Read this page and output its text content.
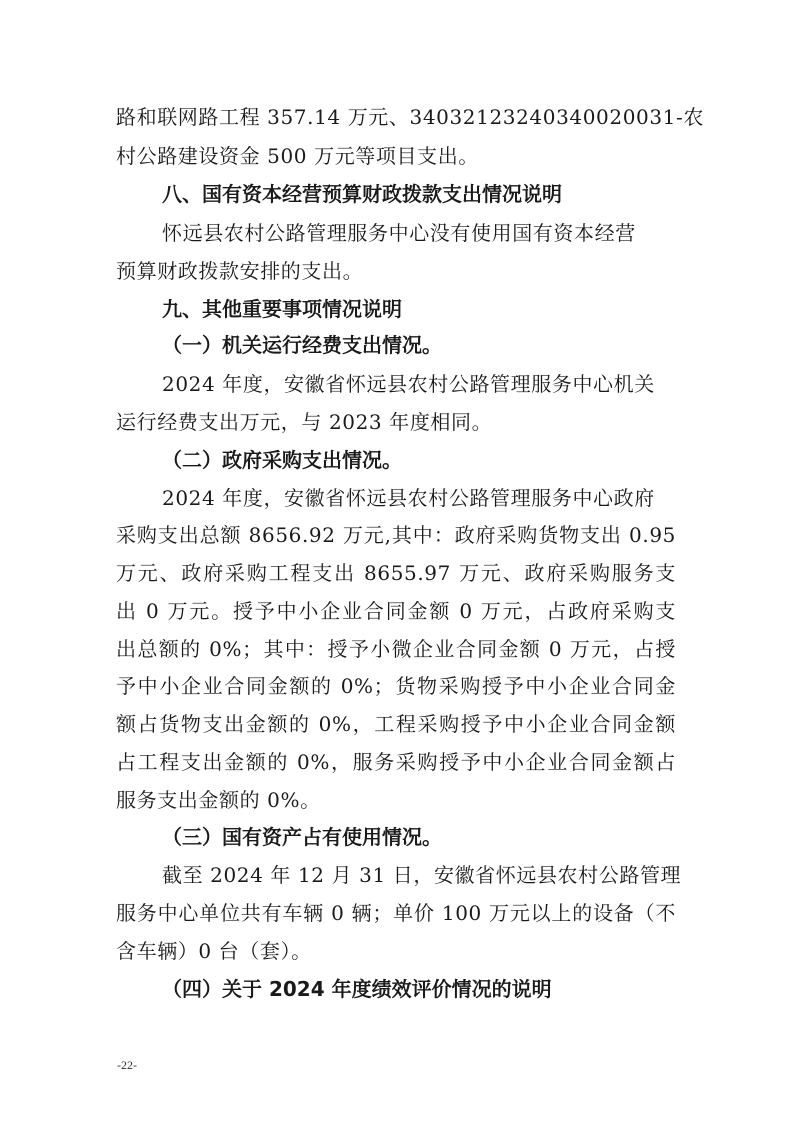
路和联网路工程 357.14 万元、34032123240340020031-农
村公路建设资金 500 万元等项目支出。
八、国有资本经营预算财政拨款支出情况说明
怀远县农村公路管理服务中心没有使用国有资本经营
预算财政拨款安排的支出。
九、其他重要事项情况说明
（一）机关运行经费支出情况。
2024 年度，安徽省怀远县农村公路管理服务中心机关
运行经费支出万元，与 2023 年度相同。
（二）政府采购支出情况。
2024 年度，安徽省怀远县农村公路管理服务中心政府
采购支出总额 8656.92 万元,其中：政府采购货物支出 0.95
万元、政府采购工程支出 8655.97 万元、政府采购服务支
出 0 万元。授予中小企业合同金额 0 万元，占政府采购支
出总额的 0%；其中：授予小微企业合同金额 0 万元，占授
予中小企业合同金额的 0%；货物采购授予中小企业合同金
额占货物支出金额的 0%，工程采购授予中小企业合同金额
占工程支出金额的 0%，服务采购授予中小企业合同金额占
服务支出金额的 0%。
（三）国有资产占有使用情况。
截至 2024 年 12 月 31 日，安徽省怀远县农村公路管理
服务中心单位共有车辆 0 辆；单价 100 万元以上的设备（不
含车辆）0 台（套）。
（四）关于 2024 年度绩效评价情况的说明
-22-
